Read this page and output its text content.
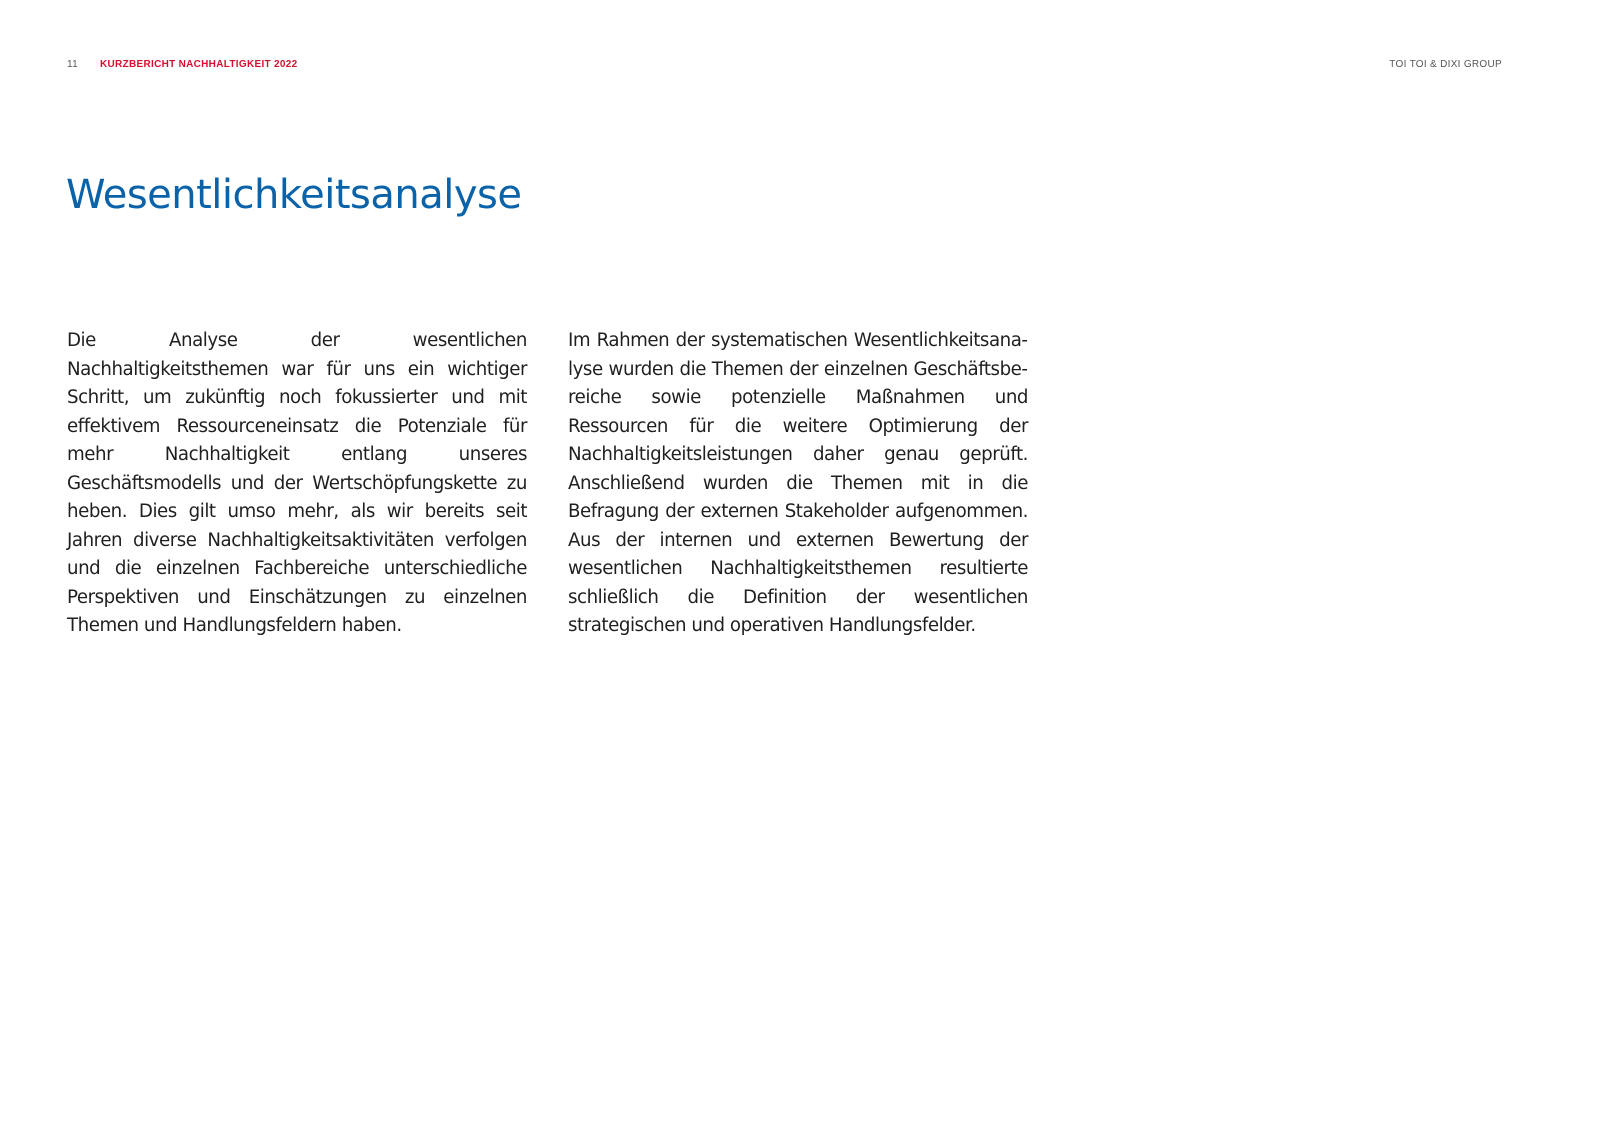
11 KURZBERICHT NACHHALTIGKEIT 2022	TOI TOI & DIXI GROUP
Wesentlichkeitsanalyse

Die Analyse der wesentlichen Nachhaltigkeitsthemen war für uns ein wichtiger Schritt, um zukünftig noch fokussierter und mit effektivem Ressourceneinsatz die Potenziale für mehr Nachhaltigkeit entlang unseres Geschäftsmodells und der Wertschöpfungskette zu heben. Dies gilt umso mehr, als wir bereits seit Jahren diverse Nachhaltigkeitsaktivitäten verfolgen und die einzelnen Fachbereiche unterschiedliche Perspektiven und Einschätzungen zu einzelnen Themen und Handlungsfeldern haben.

Im Rahmen der systematischen Wesentlichkeitsanalyse wurden die Themen der einzelnen Geschäftsbereiche sowie potenzielle Maßnahmen und Ressourcen für die weitere Optimierung der Nachhaltigkeitsleistungen daher genau geprüft. Anschließend wurden die Themen mit in die Befragung der externen Stakeholder aufgenommen. Aus der internen und externen Bewertung der wesentlichen Nachhaltigkeitsthemen resultierte schließlich die Definition der wesentlichen strategischen und operativen Handlungsfelder.
